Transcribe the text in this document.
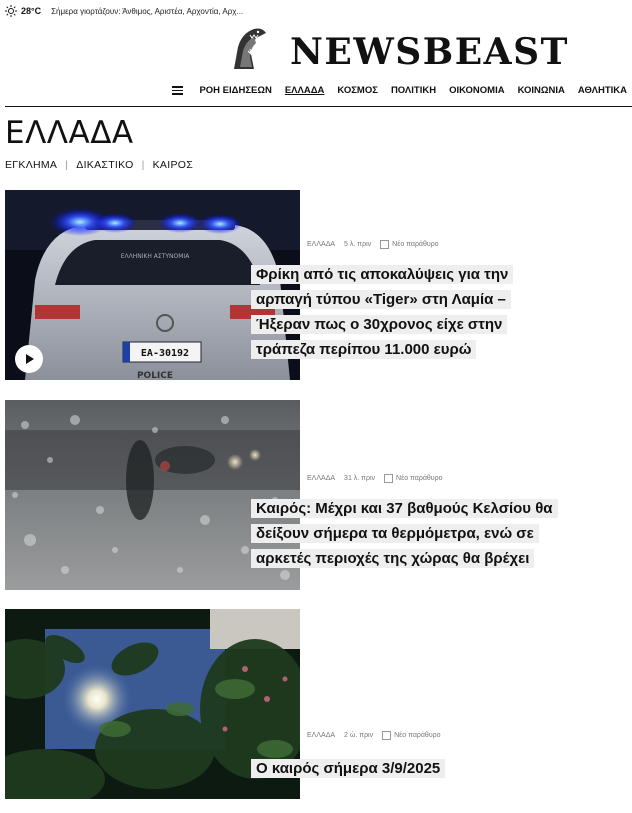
28°C Σήμερα γιορτάζουν: Άνθιμος, Αριστέα, Αρχοντία, Αρχ...
NEWSBEAST
ΡΟΗ ΕΙΔΗΣΕΩΝ ΕΛΛΑΔΑ ΚΟΣΜΟΣ ΠΟΛΙΤΙΚΗ ΟΙΚΟΝΟΜΙΑ ΚΟΙΝΩΝΙΑ ΑΘΛΗΤΙΚΑ
ΕΛΛΑΔΑ
ΕΓΚΛΗΜΑ | ΔΙΚΑΣΤΙΚΟ | ΚΑΙΡΟΣ
ΕΛΛΗΝΙΚΗ ΑΣΤΥΝΟΜΙΑ
ΕΑ-30192
POLICE
ΕΛΛΑΔΑ 5 λ. πριν	Νέο παράθυρο
Φρίκη από τις αποκαλύψεις για την
αρπαγή τύπου «Tiger» στη Λαμία –
Ήξεραν πως ο 30χρονος είχε στην
τράπεζα περίπου 11.000 ευρώ
ΕΛΛΑΔΑ 31 λ. πριν	Νέο παράθυρο
Καιρός: Μέχρι και 37 βαθμούς Κελσίου θα
δείξουν σήμερα τα θερμόμετρα, ενώ σε
αρκετές περιοχές της χώρας θα βρέχει
ΕΛΛΑΔΑ 2 ώ. πριν	Νέο παράθυρο
Ο καιρός σήμερα 3/9/2025
